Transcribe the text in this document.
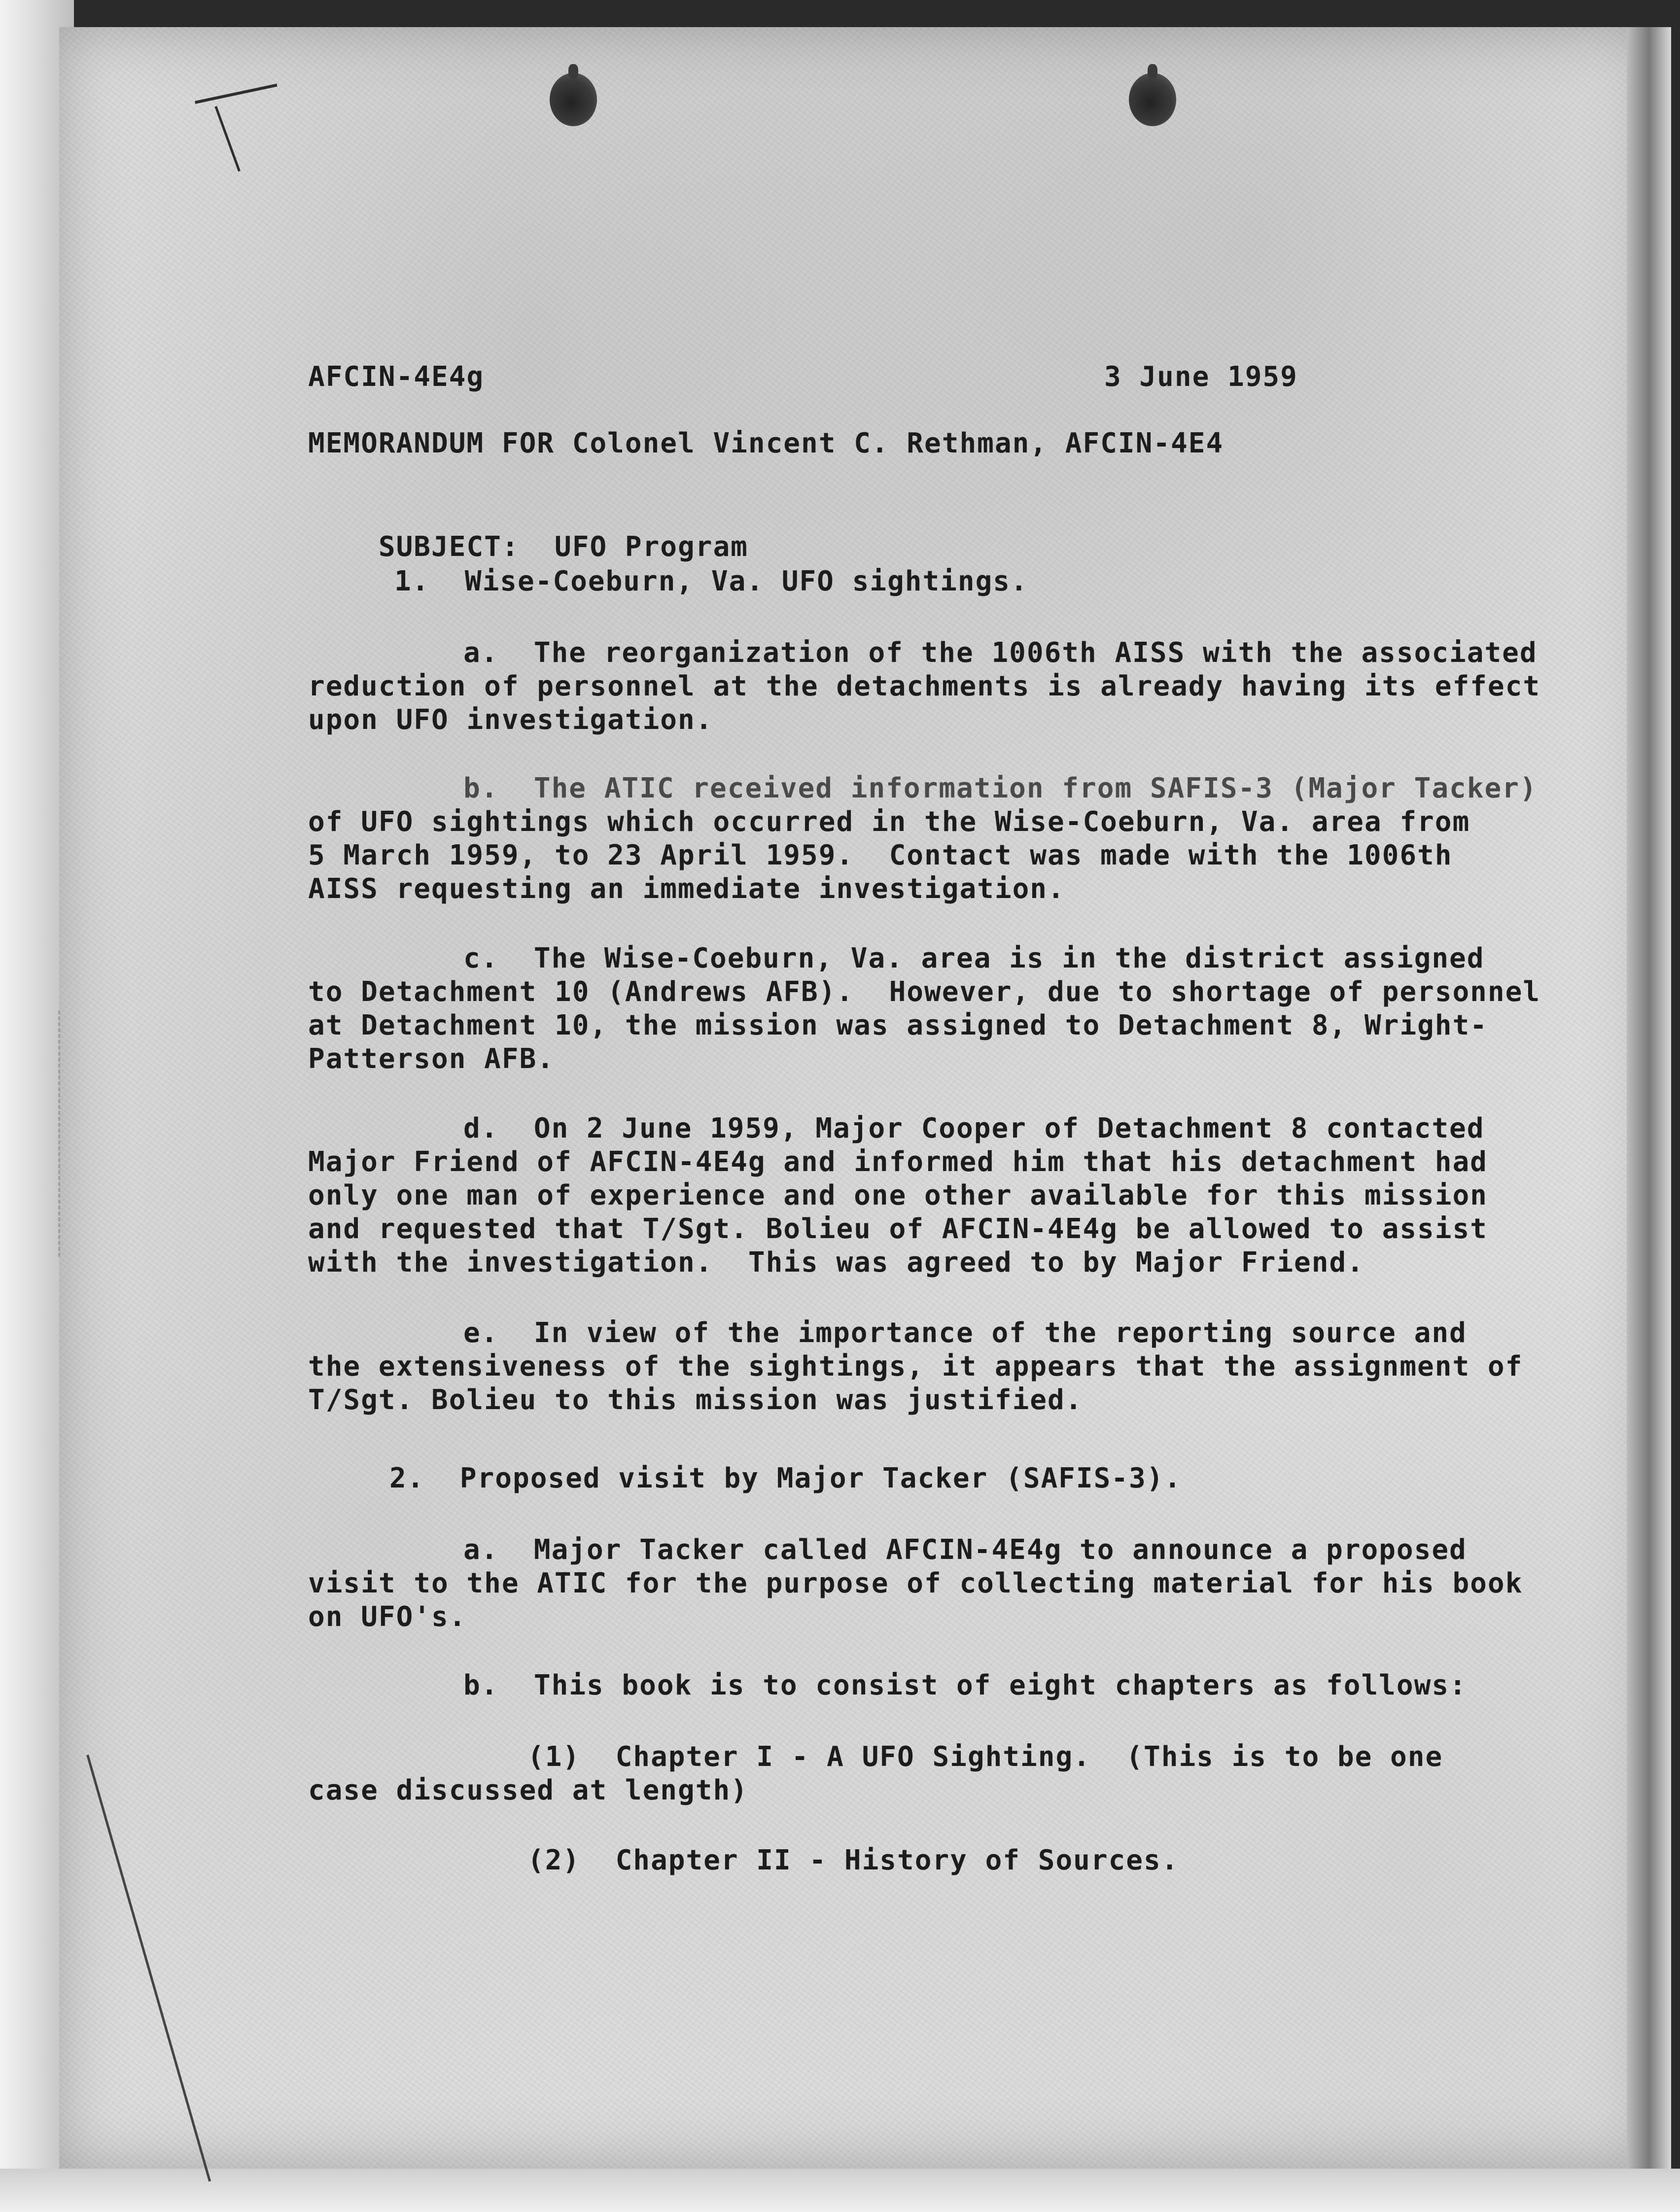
AFCIN-4E4g	3 June 1959
MEMORANDUM FOR Colonel Vincent C. Rethman, AFCIN-4E4

SUBJECT: UFO Program

1.  Wise-Coeburn, Va. UFO sightings.
a.  The reorganization of the 1006th AISS with the associated
reduction of personnel at the detachments is already having its effect
upon UFO investigation.
b.  The ATIC received information from SAFIS-3 (Major Tacker)
of UFO sightings which occurred in the Wise-Coeburn, Va. area from
5 March 1959, to 23 April 1959.  Contact was made with the 1006th
AISS requesting an immediate investigation.
c.  The Wise-Coeburn, Va. area is in the district assigned
to Detachment 10 (Andrews AFB).  However, due to shortage of personnel
at Detachment 10, the mission was assigned to Detachment 8, Wright-
Patterson AFB.
d.  On 2 June 1959, Major Cooper of Detachment 8 contacted
Major Friend of AFCIN-4E4g and informed him that his detachment had
only one man of experience and one other available for this mission
and requested that T/Sgt. Bolieu of AFCIN-4E4g be allowed to assist
with the investigation.  This was agreed to by Major Friend.
e.  In view of the importance of the reporting source and
the extensiveness of the sightings, it appears that the assignment of
T/Sgt. Bolieu to this mission was justified.
2.  Proposed visit by Major Tacker (SAFIS-3).
a.  Major Tacker called AFCIN-4E4g to announce a proposed
visit to the ATIC for the purpose of collecting material for his book
on UFO's.
b.  This book is to consist of eight chapters as follows:
(1)  Chapter I - A UFO Sighting.  (This is to be one
case discussed at length)
(2)  Chapter II - History of Sources.
